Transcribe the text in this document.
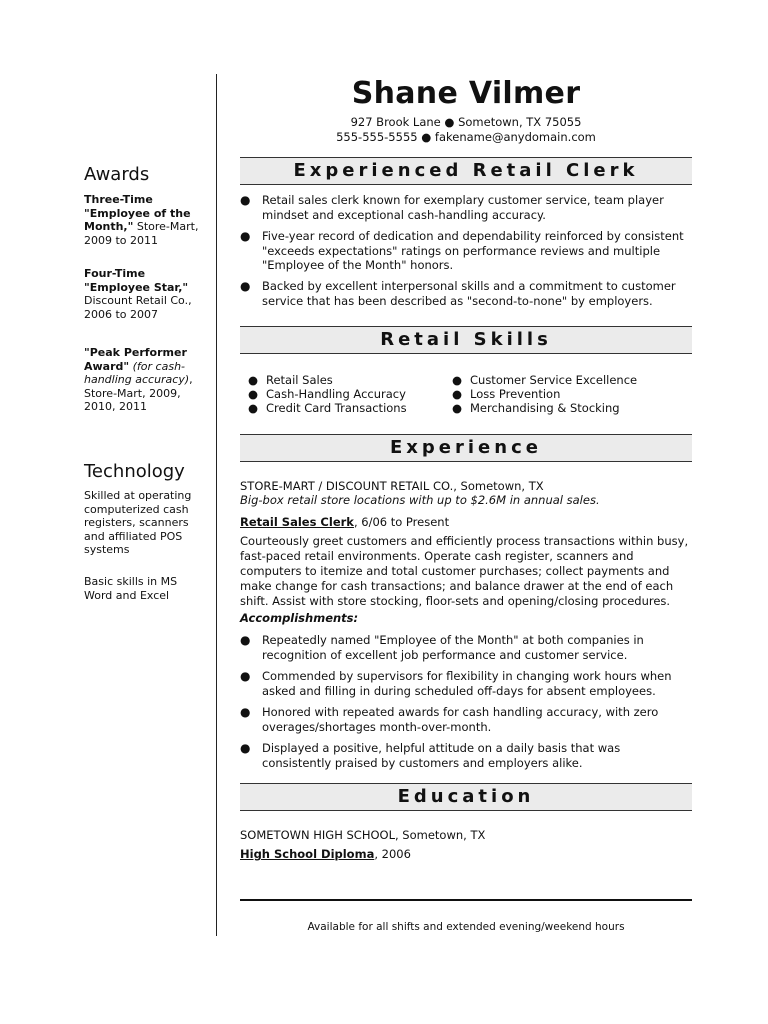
Awards
Three-Time "Employee of the Month," Store-Mart, 2009 to 2011
Four-Time "Employee Star," Discount Retail Co., 2006 to 2007
"Peak Performer Award" (for cash-handling accuracy), Store-Mart, 2009, 2010, 2011
Technology
Skilled at operating computerized cash registers, scanners and affiliated POS systems
Basic skills in MS Word and Excel
Shane Vilmer
927 Brook Lane ● Sometown, TX 75055
555-555-5555 ● fakename@anydomain.com
Experienced Retail Clerk
● Retail sales clerk known for exemplary customer service, team player mindset and exceptional cash-handling accuracy.
● Five-year record of dedication and dependability reinforced by consistent "exceeds expectations" ratings on performance reviews and multiple "Employee of the Month" honors.
● Backed by excellent interpersonal skills and a commitment to customer service that has been described as "second-to-none" by employers.
Retail Skills
● Retail Sales
● Cash-Handling Accuracy
● Credit Card Transactions
● Customer Service Excellence
● Loss Prevention
● Merchandising & Stocking
Experience
STORE-MART / DISCOUNT RETAIL CO., Sometown, TX
Big-box retail store locations with up to $2.6M in annual sales.
Retail Sales Clerk, 6/06 to Present
Courteously greet customers and efficiently process transactions within busy, fast-paced retail environments. Operate cash register, scanners and computers to itemize and total customer purchases; collect payments and make change for cash transactions; and balance drawer at the end of each shift. Assist with store stocking, floor-sets and opening/closing procedures.
Accomplishments:
● Repeatedly named "Employee of the Month" at both companies in recognition of excellent job performance and customer service.
● Commended by supervisors for flexibility in changing work hours when asked and filling in during scheduled off-days for absent employees.
● Honored with repeated awards for cash handling accuracy, with zero overages/shortages month-over-month.
● Displayed a positive, helpful attitude on a daily basis that was consistently praised by customers and employers alike.
Education
SOMETOWN HIGH SCHOOL, Sometown, TX
High School Diploma, 2006
Available for all shifts and extended evening/weekend hours
